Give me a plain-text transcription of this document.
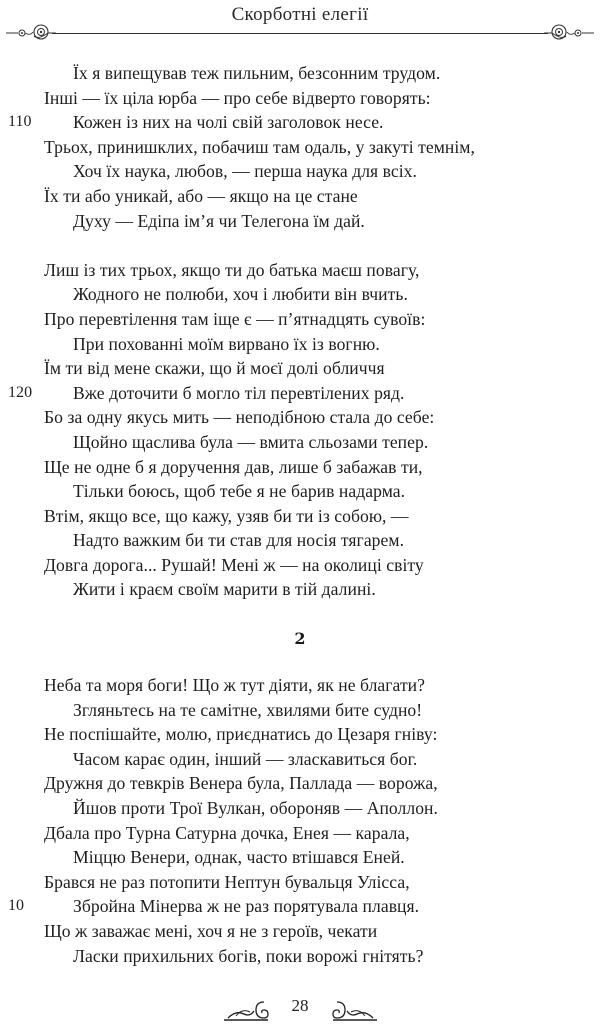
Скорботні елегії
Їх я випещував теж пильним, безсонним трудом.
Інші — їх ціла юрба — про себе відверто говорять:
110 Кожен із них на чолі свій заголовок несе.
Трьох, принишклих, побачиш там одаль, у закуті темнім,
Хоч їх наука, любов, — перша наука для всіх.
Їх ти або уникай, або — якщо на це стане
Духу — Едіпа ім’я чи Телегона їм дай.
Лиш із тих трьох, якщо ти до батька маєш повагу,
Жодного не полюби, хоч і любити він вчить.
Про перевтілення там іще є — п’ятнадцять сувоїв:
При похованні моїм вирвано їх із вогню.
Їм ти від мене скажи, що й моєї долі обличчя
120 Вже доточити б могло тіл перевтілених ряд.
Бо за одну якусь мить — неподібною стала до себе:
Щойно щаслива була — вмита сльозами тепер.
Ще не одне б я доручення дав, лише б забажав ти,
Тільки боюсь, щоб тебе я не барив надарма.
Втім, якщо все, що кажу, узяв би ти із собою, —
Надто важким би ти став для носія тягарем.
Довга дорога... Рушай! Мені ж — на околиці світу
Жити і краєм своїм марити в тій далині.
2
Неба та моря боги! Що ж тут діяти, як не благати?
Згляньтесь на те самітне, хвилями бите судно!
Не поспішайте, молю, приєднатись до Цезаря гніву:
Часом карає один, інший — зласкавиться бог.
Дружня до тевкрів Венера була, Паллада — ворожа,
Йшов проти Трої Вулкан, обороняв — Аполлон.
Дбала про Турна Сатурна дочка, Енея — карала,
Міццю Венери, однак, часто втішався Еней.
Брався не раз потопити Нептун бувальця Улісса,
10	Збройна Мінерва ж не раз порятувала плавця.
Що ж заважає мені, хоч я не з героїв, чекати
Ласки прихильних богів, поки ворожі гнітять?
28
